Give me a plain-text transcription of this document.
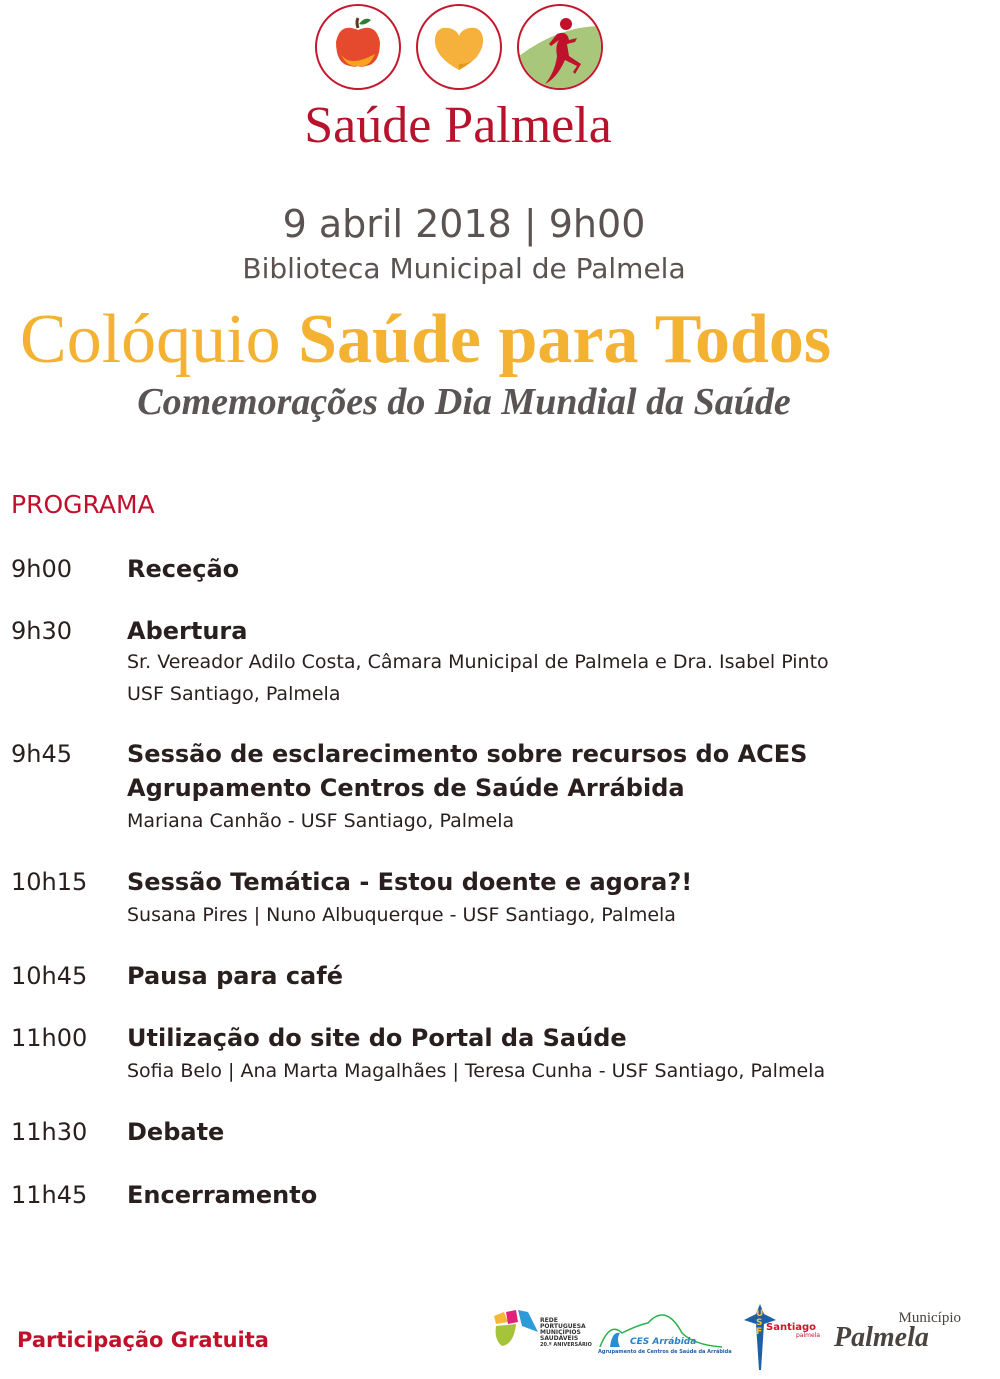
Saúde Palmela
9 abril 2018 | 9h00
Biblioteca Municipal de Palmela
Colóquio Saúde para Todos
Comemorações do Dia Mundial da Saúde
PROGRAMA
9h00 Receção
9h30 Abertura
Sr. Vereador Adilo Costa, Câmara Municipal de Palmela e Dra. Isabel Pinto
USF Santiago, Palmela
9h45 Sessão de esclarecimento sobre recursos do ACES
Agrupamento Centros de Saúde Arrábida
Mariana Canhão - USF Santiago, Palmela
10h15 Sessão Temática - Estou doente e agora?!
Susana Pires | Nuno Albuquerque - USF Santiago, Palmela
10h45 Pausa para café
11h00 Utilização do site do Portal da Saúde
Sofia Belo | Ana Marta Magalhães | Teresa Cunha - USF Santiago, Palmela
11h30 Debate
11h45 Encerramento
Participação Gratuita
REDE
PORTUGUESA
MUNICÍPIOS
SAUDÁVEIS
20.º ANIVERSÁRIO	CES Arrábida
Agrupamento de Centros de Saúde da Arrábida
USF Santiago
palmela
Município
Palmela
